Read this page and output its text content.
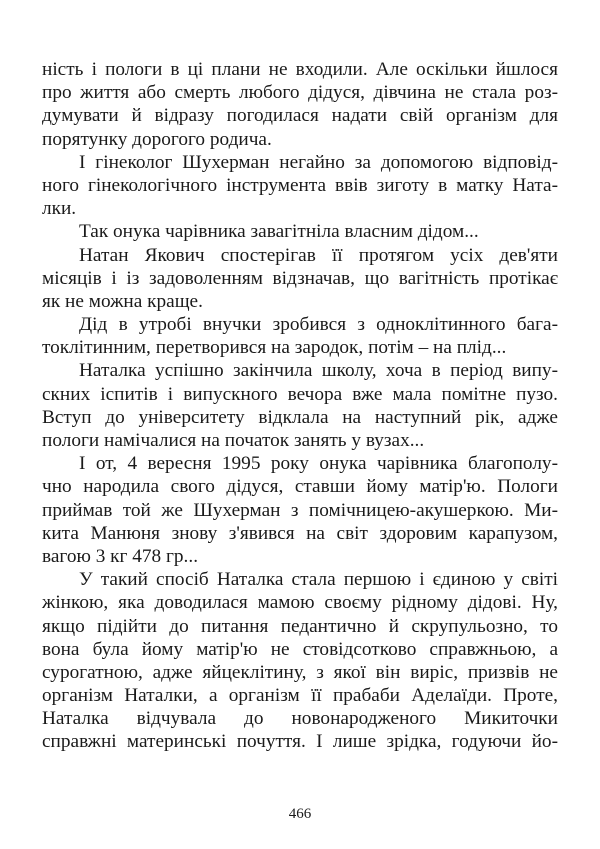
ність і пологи в ці плани не входили. Але оскільки йшлося
про життя або смерть любого дідуся, дівчина не стала роз-
думувати й відразу погодилася надати свій організм для
порятунку дорогого родича.
І гінеколог Шухерман негайно за допомогою відповід-
ного гінекологічного інструмента ввів зиготу в матку Ната-
лки.
Так онука чарівника завагітніла власним дідом...
Натан Якович спостерігав її протягом усіх дев'яти
місяців і із задоволенням відзначав, що вагітність протікає
як не можна краще.
Дід в утробі внучки зробився з одноклітинного бага-
токлітинним, перетворився на зародок, потім – на плід...
Наталка успішно закінчила школу, хоча в період випу-
скних іспитів і випускного вечора вже мала помітне пузо.
Вступ до університету відклала на наступний рік, адже
пологи намічалися на початок занять у вузах...
І от, 4 вересня 1995 року онука чарівника благополу-
чно народила свого дідуся, ставши йому матір'ю. Пологи
приймав той же Шухерман з помічницею-акушеркою. Ми-
кита Манюня знову з'явився на світ здоровим карапузом,
вагою 3 кг 478 гр...
У такий спосіб Наталка стала першою і єдиною у світі
жінкою, яка доводилася мамою своєму рідному дідові. Ну,
якщо підійти до питання педантично й скрупульозно, то
вона була йому матір'ю не стовідсотково справжньою, а
сурогатною, адже яйцеклітину, з якої він виріс, призвів не
організм Наталки, а організм її прабаби Аделаїди. Проте,
Наталка відчувала до новонародженого Микиточки
справжні материнські почуття. І лише зрідка, годуючи йо-
466
